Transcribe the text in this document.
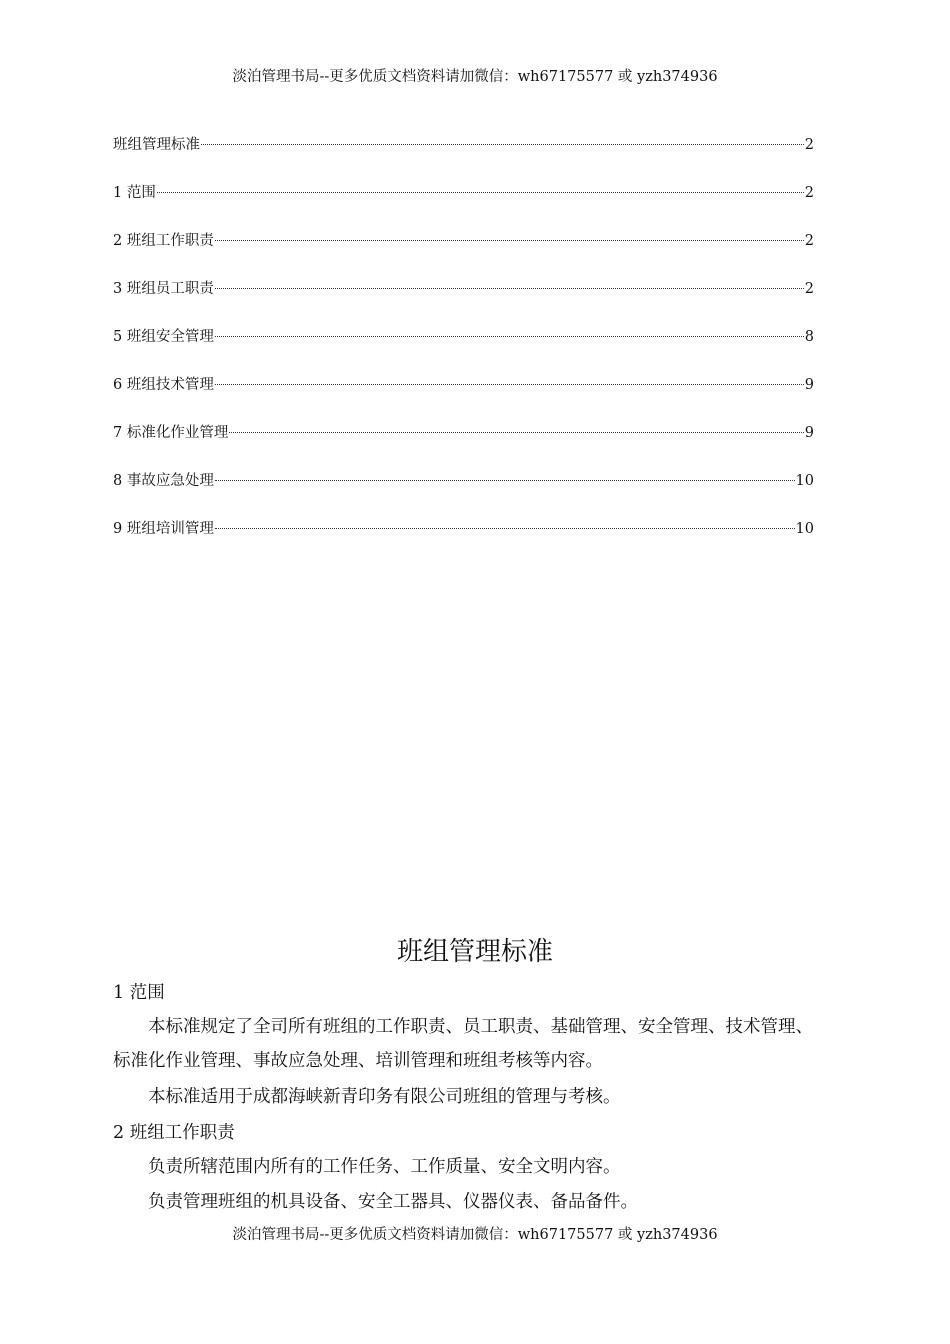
淡泊管理书局--更多优质文档资料请加微信：wh67175577 或 yzh374936
班组管理标准	2
1 范围	2
2 班组工作职责	2
3 班组员工职责	2
5 班组安全管理	8
6 班组技术管理	9
7 标准化作业管理	9
8 事故应急处理	10
9 班组培训管理	10
班组管理标准
1 范围
本标准规定了全司所有班组的工作职责、员工职责、基础管理、安全管理、技术管理、标准化作业管理、事故应急处理、培训管理和班组考核等内容。
本标准适用于成都海峡新青印务有限公司班组的管理与考核。
2 班组工作职责
负责所辖范围内所有的工作任务、工作质量、安全文明内容。
负责管理班组的机具设备、安全工器具、仪器仪表、备品备件。
淡泊管理书局--更多优质文档资料请加微信：wh67175577 或 yzh374936
